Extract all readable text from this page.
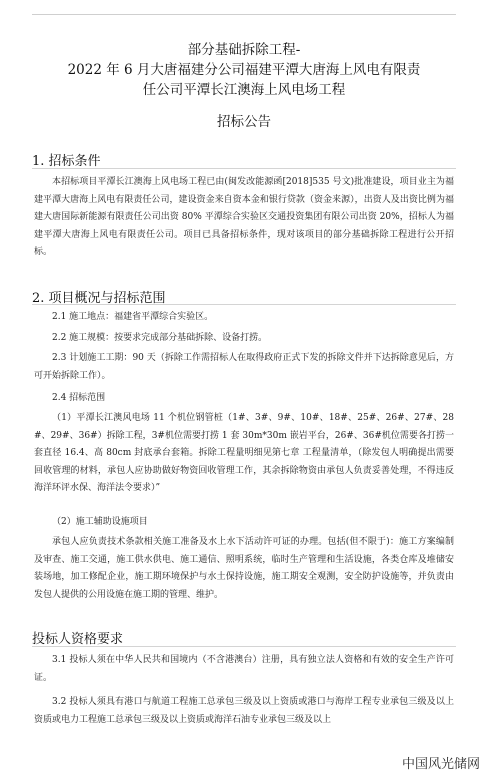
部分基础拆除工程-
2022 年 6 月大唐福建分公司福建平潭大唐海上风电有限责
任公司平潭长江澳海上风电场工程
招标公告
1. 招标条件

本招标项目平潭长江澳海上风电场工程已由(闽发改能源函[2018]535 号文)批准建设，项目业主为福建平潭大唐海上风电有限责任公司，建设资金来自资本金和银行贷款（资金来源），出资人及出资比例为福建大唐国际新能源有限责任公司出资 80% 平潭综合实验区交通投资集团有限公司出资 20%，招标人为福建平潭大唐海上风电有限责任公司。项目已具备招标条件，现对该项目的部分基础拆除工程进行公开招标。

2. 项目概况与招标范围

2.1 施工地点：福建省平潭综合实验区。

2.2 施工规模：按要求完成部分基础拆除、设备打捞。

2.3 计划施工工期：90 天（拆除工作需招标人在取得政府正式下发的拆除文件并下达拆除意见后，方可开始拆除工作）。

2.4 招标范围

（1）平潭长江澳风电场 11 个机位钢管桩（1#、3#、9#、10#、18#、25#、26#、27#、28#、29#、36#）拆除工程，3#机位需要打捞 1 套 30m*30m 嵌岩平台，26#、36#机位需要各打捞一套直径 16.4、高 80cm 封底承台套箱。拆除工程量明细见第七章 工程量清单，（除发包人明确提出需要回收管理的材料，承包人应协助做好物资回收管理工作，其余拆除物资由承包人负责妥善处理，不得违反海洋环评水保、海洋法令要求）”

（2）施工辅助设施项目

承包人应负责技术条款相关施工准备及水上水下活动许可证的办理。包括(但不限于)：施工方案编制及审查、施工交通，施工供水供电、施工通信、照明系统，临时生产管理和生活设施，各类仓库及堆储安装场地，加工修配企业，施工期环境保护与水土保持设施，施工期安全观测，安全防护设施等，并负责由发包人提供的公用设施在施工期的管理、维护。

投标人资格要求

3.1 投标人须在中华人民共和国境内（不含港澳台）注册，具有独立法人资格和有效的安全生产许可证。

3.2 投标人须具有港口与航道工程施工总承包三级及以上资质或港口与海岸工程专业承包三级及以上资质或电力工程施工总承包三级及以上资质或海洋石油专业承包三级及以上

中国风光储网
